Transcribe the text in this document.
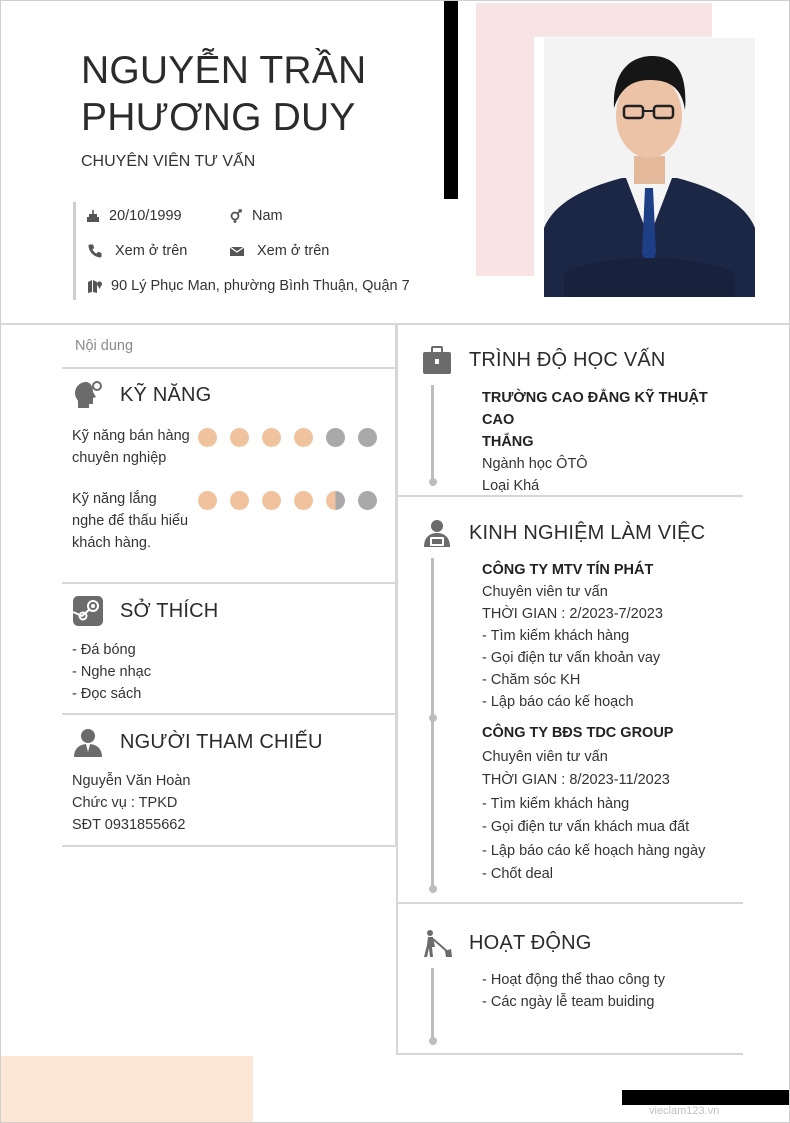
NGUYỄN TRẦN
PHƯƠNG DUY
CHUYÊN VIÊN TƯ VẤN
20/10/1999	Nam
Xem ở trên	Xem ở trên
90 Lý Phục Man, phường Bình Thuận, Quận 7
Nội dung
KỸ NĂNG
Kỹ năng bán hàng
chuyên nghiệp
Kỹ năng lắng
nghe để thấu hiểu
khách hàng.
SỞ THÍCH
- Đá bóng
- Nghe nhạc
- Đọc sách
NGƯỜI THAM CHIẾU
Nguyễn Văn Hoàn
Chức vụ : TPKD
SĐT 0931855662
TRÌNH ĐỘ HỌC VẤN
TRƯỜNG CAO ĐẲNG KỸ THUẬT CAO
THẮNG
Ngành học ÔTÔ
Loại Khá
KINH NGHIỆM LÀM VIỆC
CÔNG TY MTV TÍN PHÁT
Chuyên viên tư vấn
THỜI GIAN : 2/2023-7/2023
- Tìm kiếm khách hàng
- Gọi điện tư vấn khoản vay
- Chăm sóc KH
- Lập báo cáo kế hoạch
CÔNG TY BĐS TDC GROUP
Chuyên viên tư vấn
THỜI GIAN : 8/2023-11/2023
- Tìm kiếm khách hàng
- Gọi điện tư vấn khách mua đất
- Lập báo cáo kế hoạch hàng ngày
- Chốt deal
HOẠT ĐỘNG
- Hoạt động thể thao công ty
- Các ngày lễ team buiding
vieclam123.vn
